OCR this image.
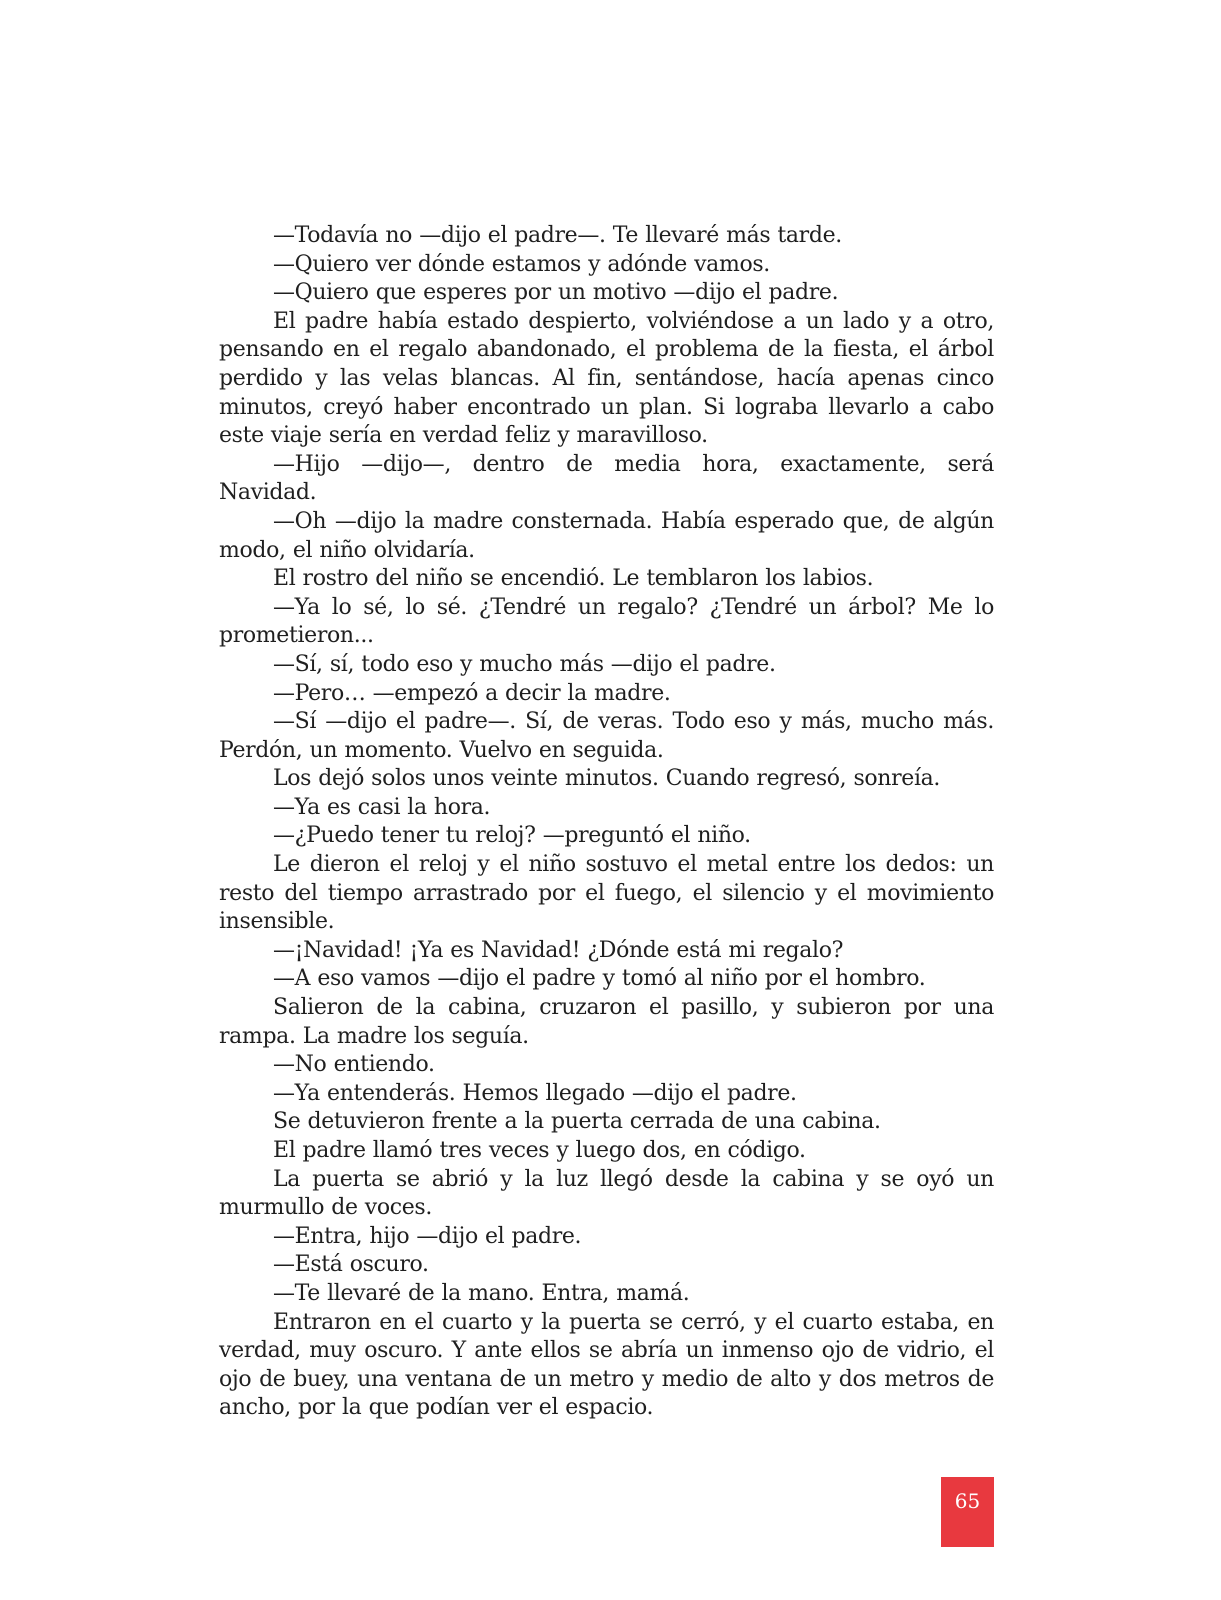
—Todavía no —dijo el padre—. Te llevaré más tarde.

—Quiero ver dónde estamos y adónde vamos.

—Quiero que esperes por un motivo —dijo el padre.

El padre había estado despierto, volviéndose a un lado y a otro, pensando en el regalo abandonado, el problema de la fiesta, el árbol perdido y las velas blancas. Al fin, sentándose, hacía apenas cinco minutos, creyó haber encontrado un plan. Si lograba llevarlo a cabo este viaje sería en verdad feliz y maravilloso.

—Hijo —dijo—, dentro de media hora, exactamente, será Navidad.

—Oh —dijo la madre consternada. Había esperado que, de algún modo, el niño olvidaría.

El rostro del niño se encendió. Le temblaron los labios.

—Ya lo sé, lo sé. ¿Tendré un regalo? ¿Tendré un árbol? Me lo prometieron...

—Sí, sí, todo eso y mucho más —dijo el padre.

—Pero… —empezó a decir la madre.

—Sí —dijo el padre—. Sí, de veras. Todo eso y más, mucho más. Perdón, un momento. Vuelvo en seguida.

Los dejó solos unos veinte minutos. Cuando regresó, sonreía.

—Ya es casi la hora.

—¿Puedo tener tu reloj? —preguntó el niño.

Le dieron el reloj y el niño sostuvo el metal entre los dedos: un resto del tiempo arrastrado por el fuego, el silencio y el movimiento insensible.

—¡Navidad! ¡Ya es Navidad! ¿Dónde está mi regalo?

—A eso vamos —dijo el padre y tomó al niño por el hombro.

Salieron de la cabina, cruzaron el pasillo, y subieron por una rampa. La madre los seguía.

—No entiendo.

—Ya entenderás. Hemos llegado —dijo el padre.

Se detuvieron frente a la puerta cerrada de una cabina.

El padre llamó tres veces y luego dos, en código.

La puerta se abrió y la luz llegó desde la cabina y se oyó un murmullo de voces.

—Entra, hijo —dijo el padre.

—Está oscuro.

—Te llevaré de la mano. Entra, mamá.

Entraron en el cuarto y la puerta se cerró, y el cuarto estaba, en verdad, muy oscuro. Y ante ellos se abría un inmenso ojo de vidrio, el ojo de buey, una ventana de un metro y medio de alto y dos metros de ancho, por la que podían ver el espacio.

65
